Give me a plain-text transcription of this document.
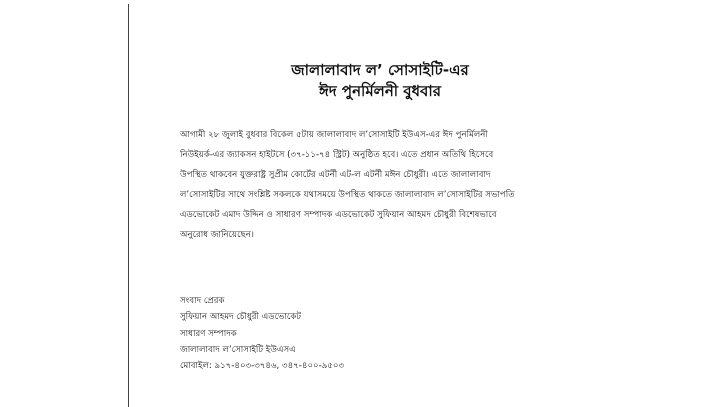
জালালাবাদ ল’ সোসাইটি-এর
ঈদ পুনর্মিলনী বুধবার
আগামী ২৮ জুলাই বুধবার বিকেল ৫টায় জালালাবাদ ল’সোসাইটি ইউএস-এর ঈদ পুনর্মিলনী
নিউইয়র্ক-এর জ্যাকসন হাইটসে (৩৭-১১-৭৪ স্ট্রিট) অনুষ্ঠিত হবে। এতে প্রধান অতিথি হিসেবে
উপস্থিত থাকবেন যুক্তরাষ্ট্র সুপ্রীম কোর্টের এটর্নী এট-ল এটর্নী মঈন চৌধুরী। এতে জালালাবাদ
ল’সোসাইটির সাথে সংশ্লিষ্ট সকলকে যথাসময়ে উপস্থিত থাকতে জালালাবাদ ল’সোসাইটির সভাপতি
এডভোকেট এমাদ উদ্দিন ও সাধারণ সম্পাদক এডভোকেট সুফিয়ান আহমদ চৌধুরী বিশেষভাবে
অনুরোধ জানিয়েছেন।
সংবাদ প্রেরক
সুফিয়ান আহমদ চৌধুরী এডভোকেট
সাধারণ সম্পাদক
জালালাবাদ ল’সোসাইটি ইউএসএ
মোবাইল: ৯১৭-৪০৩-৩৭৪৬, ৩৪৭-৪০০-৯৫০৩
